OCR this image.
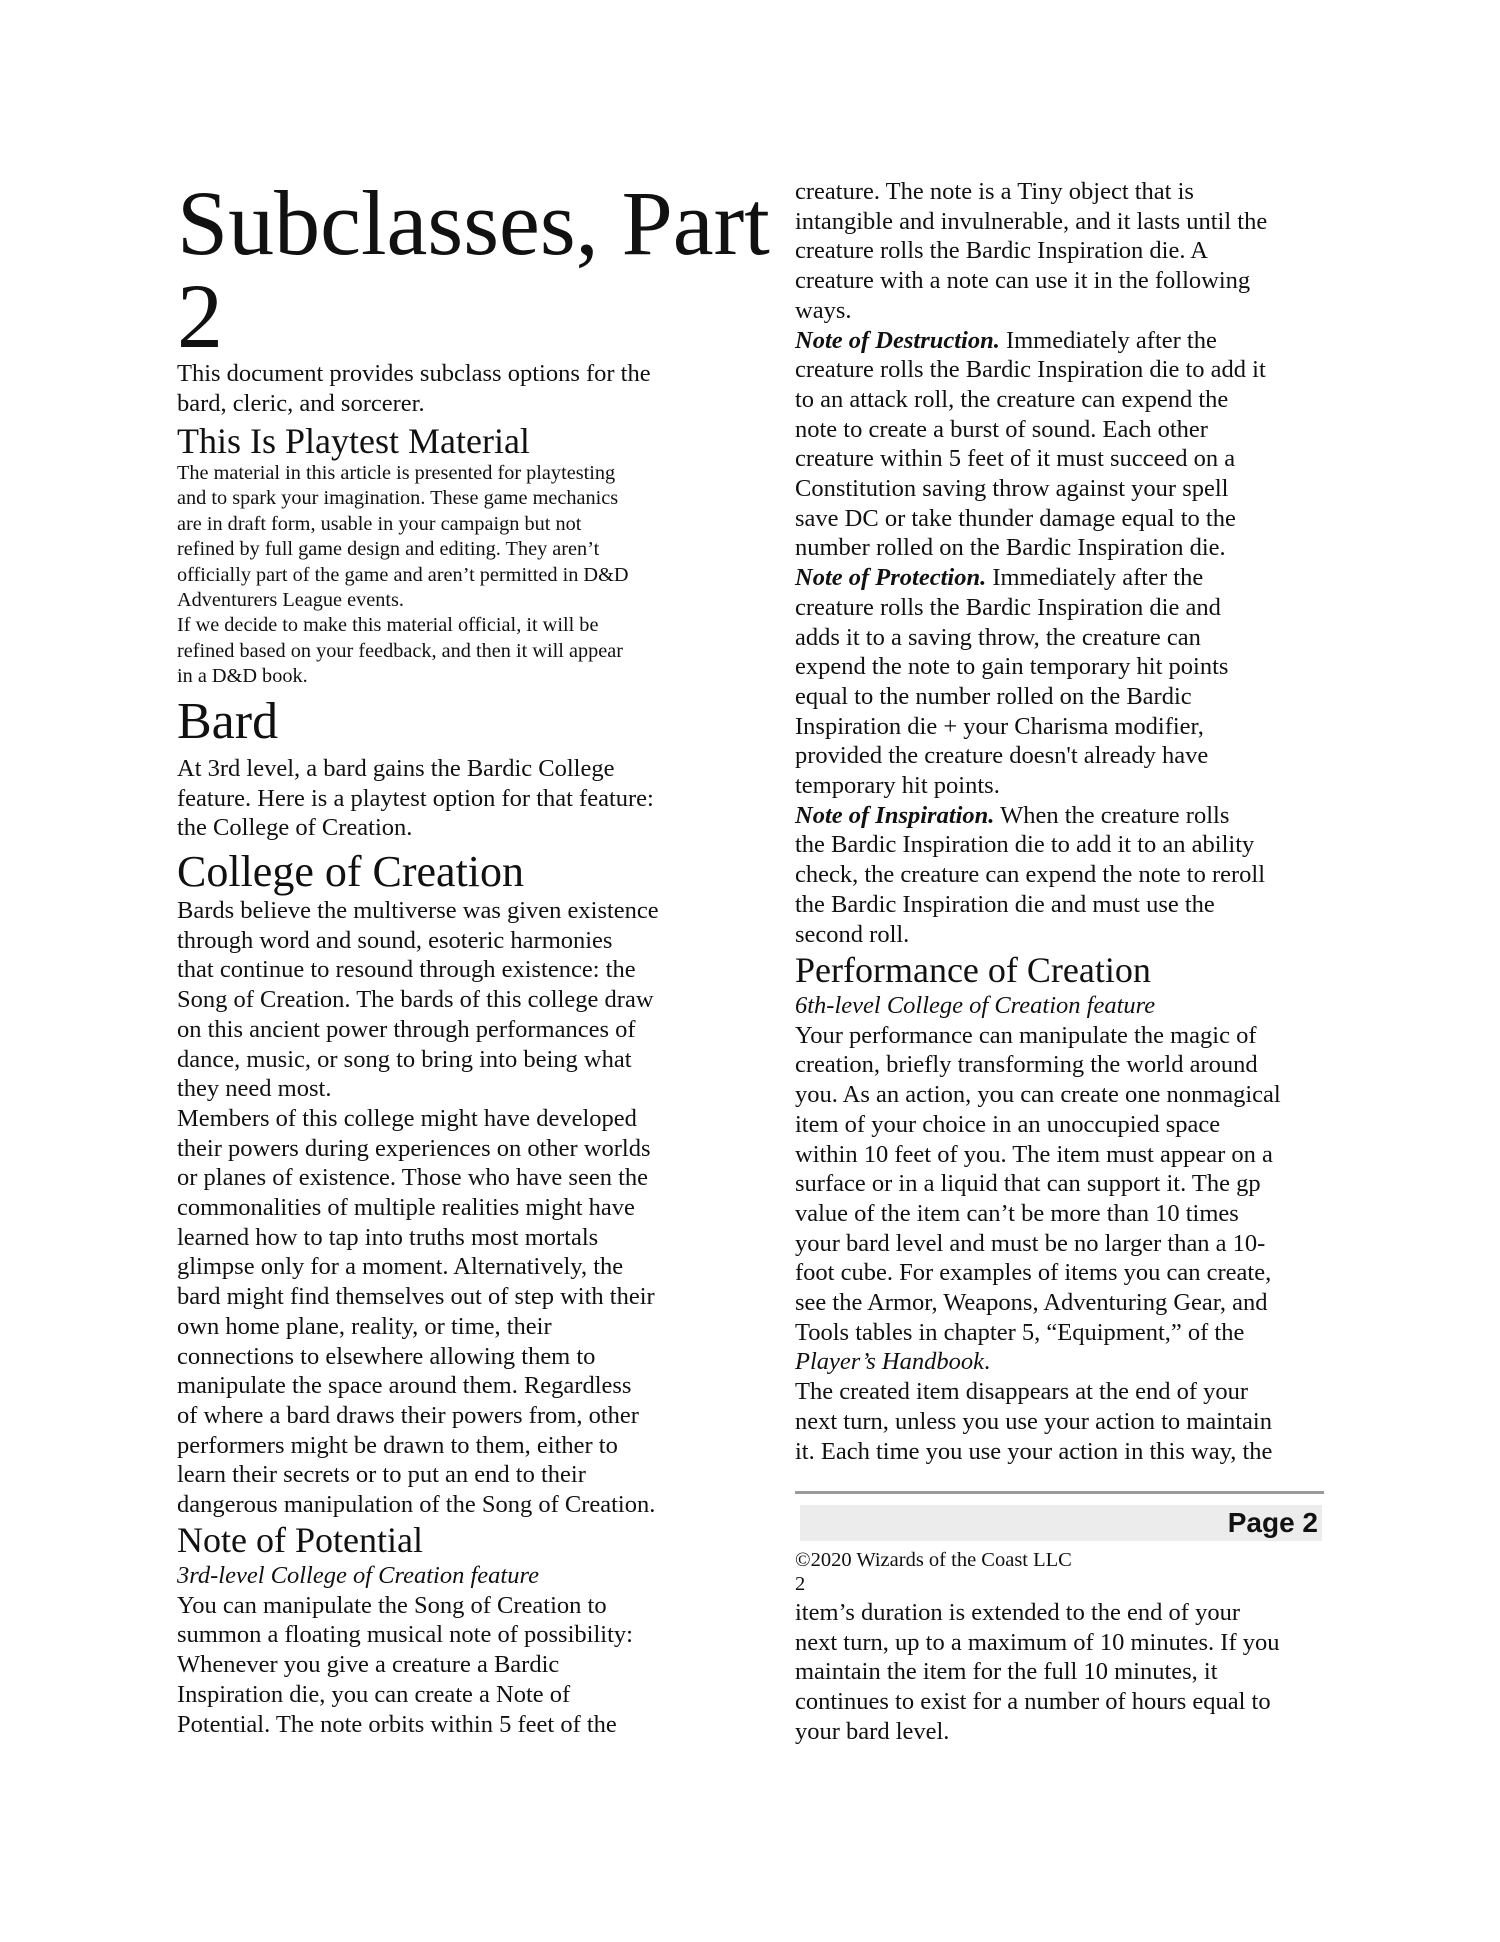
Subclasses, Part
2
This document provides subclass options for the
bard, cleric, and sorcerer.
This Is Playtest Material
The material in this article is presented for playtesting
and to spark your imagination. These game mechanics
are in draft form, usable in your campaign but not
refined by full game design and editing. They aren’t
officially part of the game and aren’t permitted in D&D
Adventurers League events.
If we decide to make this material official, it will be
refined based on your feedback, and then it will appear
in a D&D book.
Bard
At 3rd level, a bard gains the Bardic College
feature. Here is a playtest option for that feature:
the College of Creation.
College of Creation
Bards believe the multiverse was given existence
through word and sound, esoteric harmonies
that continue to resound through existence: the
Song of Creation. The bards of this college draw
on this ancient power through performances of
dance, music, or song to bring into being what
they need most.
Members of this college might have developed
their powers during experiences on other worlds
or planes of existence. Those who have seen the
commonalities of multiple realities might have
learned how to tap into truths most mortals
glimpse only for a moment. Alternatively, the
bard might find themselves out of step with their
own home plane, reality, or time, their
connections to elsewhere allowing them to
manipulate the space around them. Regardless
of where a bard draws their powers from, other
performers might be drawn to them, either to
learn their secrets or to put an end to their
dangerous manipulation of the Song of Creation.
Note of Potential
3rd-level College of Creation feature
You can manipulate the Song of Creation to
summon a floating musical note of possibility:
Whenever you give a creature a Bardic
Inspiration die, you can create a Note of
Potential. The note orbits within 5 feet of the
creature. The note is a Tiny object that is
intangible and invulnerable, and it lasts until the
creature rolls the Bardic Inspiration die. A
creature with a note can use it in the following
ways.
Note of Destruction. Immediately after the
creature rolls the Bardic Inspiration die to add it
to an attack roll, the creature can expend the
note to create a burst of sound. Each other
creature within 5 feet of it must succeed on a
Constitution saving throw against your spell
save DC or take thunder damage equal to the
number rolled on the Bardic Inspiration die.
Note of Protection. Immediately after the
creature rolls the Bardic Inspiration die and
adds it to a saving throw, the creature can
expend the note to gain temporary hit points
equal to the number rolled on the Bardic
Inspiration die + your Charisma modifier,
provided the creature doesn't already have
temporary hit points.
Note of Inspiration. When the creature rolls
the Bardic Inspiration die to add it to an ability
check, the creature can expend the note to reroll
the Bardic Inspiration die and must use the
second roll.
Performance of Creation
6th-level College of Creation feature
Your performance can manipulate the magic of
creation, briefly transforming the world around
you. As an action, you can create one nonmagical
item of your choice in an unoccupied space
within 10 feet of you. The item must appear on a
surface or in a liquid that can support it. The gp
value of the item can’t be more than 10 times
your bard level and must be no larger than a 10-
foot cube. For examples of items you can create,
see the Armor, Weapons, Adventuring Gear, and
Tools tables in chapter 5, “Equipment,” of the
Player’s Handbook.
The created item disappears at the end of your
next turn, unless you use your action to maintain
it. Each time you use your action in this way, the
Page 2
©2020 Wizards of the Coast LLC
2
item’s duration is extended to the end of your
next turn, up to a maximum of 10 minutes. If you
maintain the item for the full 10 minutes, it
continues to exist for a number of hours equal to
your bard level.
